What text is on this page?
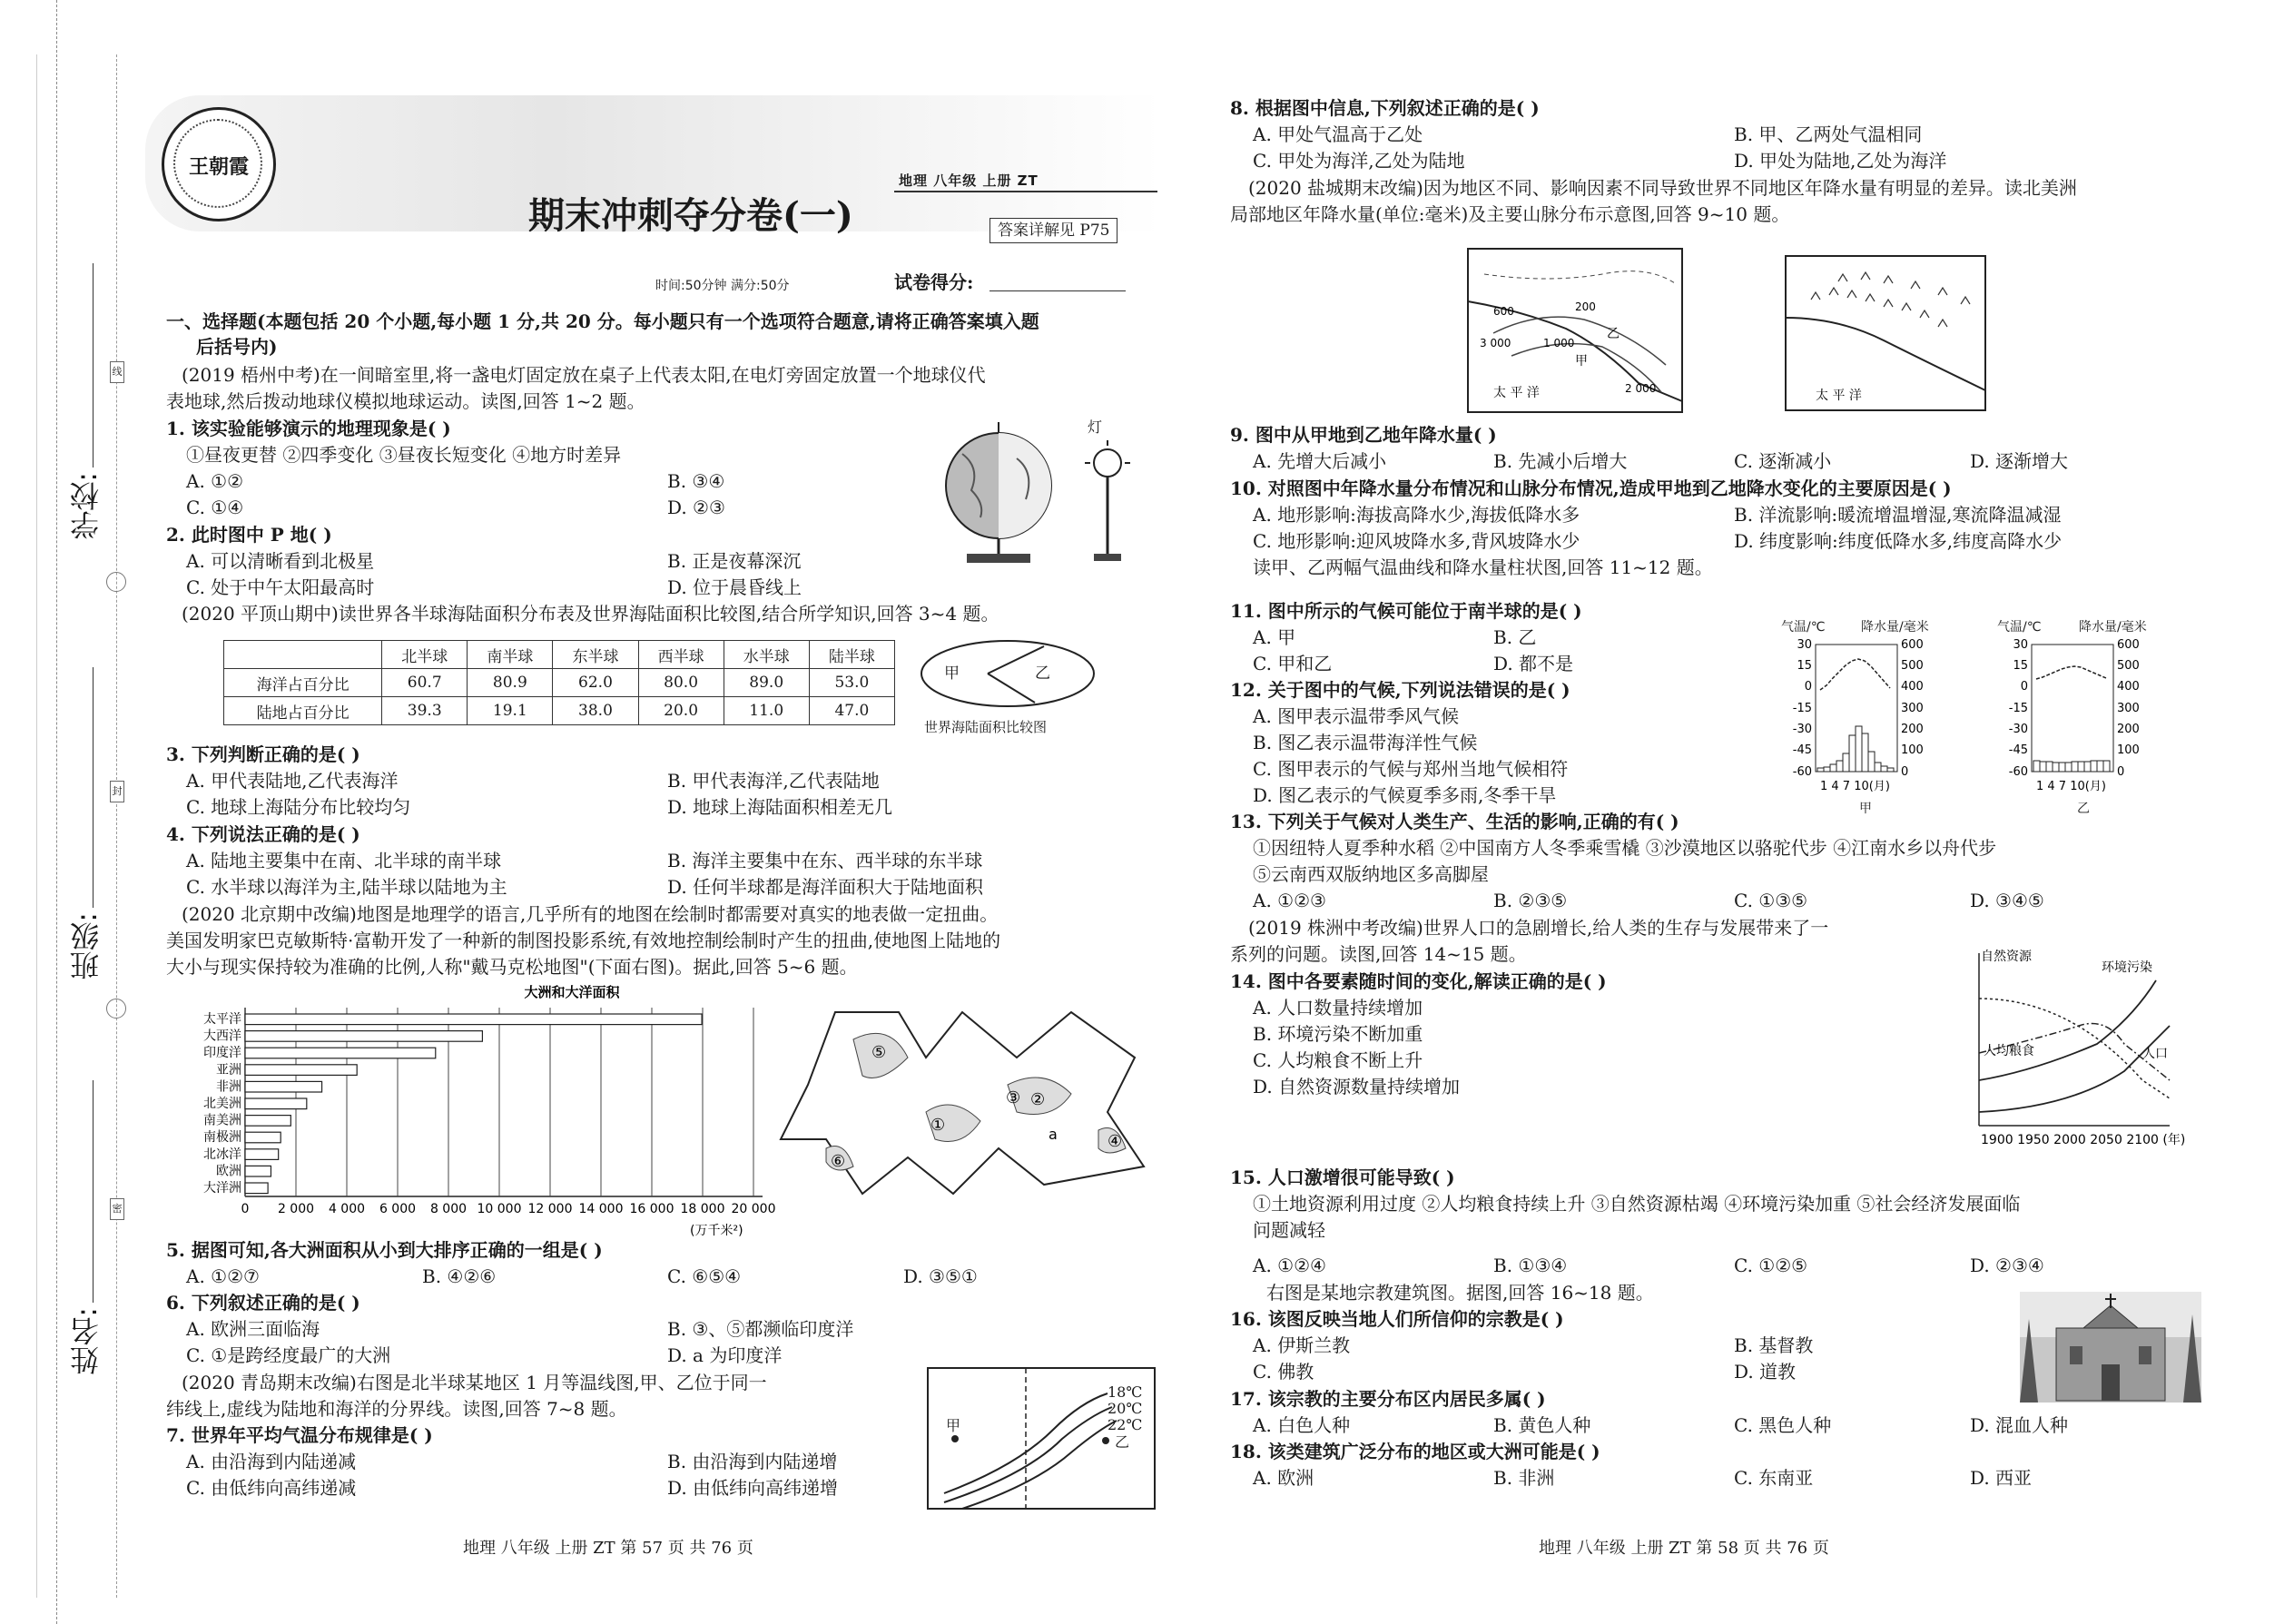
学校:
班级:
姓名:
线
封
密
王朝霞
地理 八年级 上册 ZT
期末冲刺夺分卷(一)	答案详解见 P75
时间:50分钟 满分:50分	试卷得分:
一、选择题(本题包括 20 个小题,每小题 1 分,共 20 分。每小题只有一个选项符合题意,请将正确答案填入题
后括号内)
(2019 梧州中考)在一间暗室里,将一盏电灯固定放在桌子上代表太阳,在电灯旁固定放置一个地球仪代
表地球,然后拨动地球仪模拟地球运动。读图,回答 1~2 题。
1. 该实验能够演示的地理现象是( )
①昼夜更替 ②四季变化 ③昼夜长短变化 ④地方时差异
A. ①②	B. ③④
C. ①④	D. ②③
灯
2. 此时图中 P 地( )
A. 可以清晰看到北极星	B. 正是夜幕深沉
C. 处于中午太阳最高时	D. 位于晨昏线上
(2020 平顶山期中)读世界各半球海陆面积分布表及世界海陆面积比较图,结合所学知识,回答 3~4 题。
	北半球	南半球	东半球	西半球	水半球	陆半球
海洋占百分比	60.7	80.9	62.0	80.0	89.0	53.0
陆地占百分比	39.3	19.1	38.0	20.0	11.0	47.0
甲	乙
世界海陆面积比较图
3. 下列判断正确的是( )
A. 甲代表陆地,乙代表海洋	B. 甲代表海洋,乙代表陆地
C. 地球上海陆分布比较均匀	D. 地球上海陆面积相差无几
4. 下列说法正确的是( )
A. 陆地主要集中在南、北半球的南半球	B. 海洋主要集中在东、西半球的东半球
C. 水半球以海洋为主,陆半球以陆地为主	D. 任何半球都是海洋面积大于陆地面积
(2020 北京期中改编)地图是地理学的语言,几乎所有的地图在绘制时都需要对真实的地表做一定扭曲。
美国发明家巴克敏斯特·富勒开发了一种新的制图投影系统,有效地控制绘制时产生的扭曲,使地图上陆地的
大小与现实保持较为准确的比例,人称"戴马克松地图"(下面右图)。据此,回答 5~6 题。
大洲和大洋面积
0 2 000 4 000 6 000 8 000 10 000 12 000 14 000 16 000 18 000 20 000
太平洋
大西洋
印度洋
亚洲
非洲
北美洲
南美洲
南极洲
北冰洋
欧洲
大洋洲
(万千米²)
⑤
①
②
③
④
⑥
a
5. 据图可知,各大洲面积从小到大排序正确的一组是( )
A. ①②⑦	B. ④②⑥	C. ⑥⑤④	D. ③⑤①
6. 下列叙述正确的是( )
A. 欧洲三面临海	B. ③、⑤都濒临印度洋
C. ①是跨经度最广的大洲	D. a 为印度洋
(2020 青岛期末改编)右图是北半球某地区 1 月等温线图,甲、乙位于同一
纬线上,虚线为陆地和海洋的分界线。读图,回答 7~8 题。
18℃
20℃
22℃
甲
乙
7. 世界年平均气温分布规律是( )
A. 由沿海到内陆递减	B. 由沿海到内陆递增
C. 由低纬向高纬递减	D. 由低纬向高纬递增
地理 八年级 上册 ZT 第 57 页 共 76 页
8. 根据图中信息,下列叙述正确的是( )
A. 甲处气温高于乙处	B. 甲、乙两处气温相同
C. 甲处为海洋,乙处为陆地	D. 甲处为陆地,乙处为海洋
(2020 盐城期末改编)因为地区不同、影响因素不同导致世界不同地区年降水量有明显的差异。读北美洲
局部地区年降水量(单位:毫米)及主要山脉分布示意图,回答 9~10 题。
600
3 000
2 000
200
1 000
甲
乙
太 平 洋	太 平 洋
9. 图中从甲地到乙地年降水量( )
A. 先增大后减小	B. 先减小后增大	C. 逐渐减小	D. 逐渐增大
10. 对照图中年降水量分布情况和山脉分布情况,造成甲地到乙地降水变化的主要原因是( )
A. 地形影响:海拔高降水少,海拔低降水多	B. 洋流影响:暖流增温增湿,寒流降温减湿
C. 地形影响:迎风坡降水多,背风坡降水少	D. 纬度影响:纬度低降水多,纬度高降水少
读甲、乙两幅气温曲线和降水量柱状图,回答 11~12 题。
气温/℃	降水量/毫米
30
15
0
-15
-30
-45
-60
600
500
400
300
200
100
0
1 4 7 10(月)
甲
气温/℃	降水量/毫米
30
15
0
-15
-30
-45
-60
600
500
400
300
200
100
0
1 4 7 10(月)
乙
11. 图中所示的气候可能位于南半球的是( )
A. 甲	B. 乙
C. 甲和乙	D. 都不是
12. 关于图中的气候,下列说法错误的是( )
A. 图甲表示温带季风气候
B. 图乙表示温带海洋性气候
C. 图甲表示的气候与郑州当地气候相符
D. 图乙表示的气候夏季多雨,冬季干旱
13. 下列关于气候对人类生产、生活的影响,正确的有( )
①因纽特人夏季种水稻 ②中国南方人冬季乘雪橇 ③沙漠地区以骆驼代步 ④江南水乡以舟代步
⑤云南西双版纳地区多高脚屋
A. ①②③	B. ②③⑤	C. ①③⑤	D. ③④⑤
(2019 株洲中考改编)世界人口的急剧增长,给人类的生存与发展带来了一
系列的问题。读图,回答 14~15 题。	自然资源
环境污染
人均粮食	人口
1900 1950 2000 2050 2100 (年)
14. 图中各要素随时间的变化,解读正确的是( )
A. 人口数量持续增加
B. 环境污染不断加重
C. 人均粮食不断上升
D. 自然资源数量持续增加
15. 人口激增很可能导致( )
①土地资源利用过度 ②人均粮食持续上升 ③自然资源枯竭 ④环境污染加重 ⑤社会经济发展面临
问题减轻
A. ①②④	B. ①③④	C. ①②⑤	D. ②③④
右图是某地宗教建筑图。据图,回答 16~18 题。
16. 该图反映当地人们所信仰的宗教是( )
A. 伊斯兰教	B. 基督教
C. 佛教	D. 道教
17. 该宗教的主要分布区内居民多属( )
A. 白色人种	B. 黄色人种	C. 黑色人种	D. 混血人种
18. 该类建筑广泛分布的地区或大洲可能是( )
A. 欧洲	B. 非洲	C. 东南亚	D. 西亚
地理 八年级 上册 ZT 第 58 页 共 76 页
